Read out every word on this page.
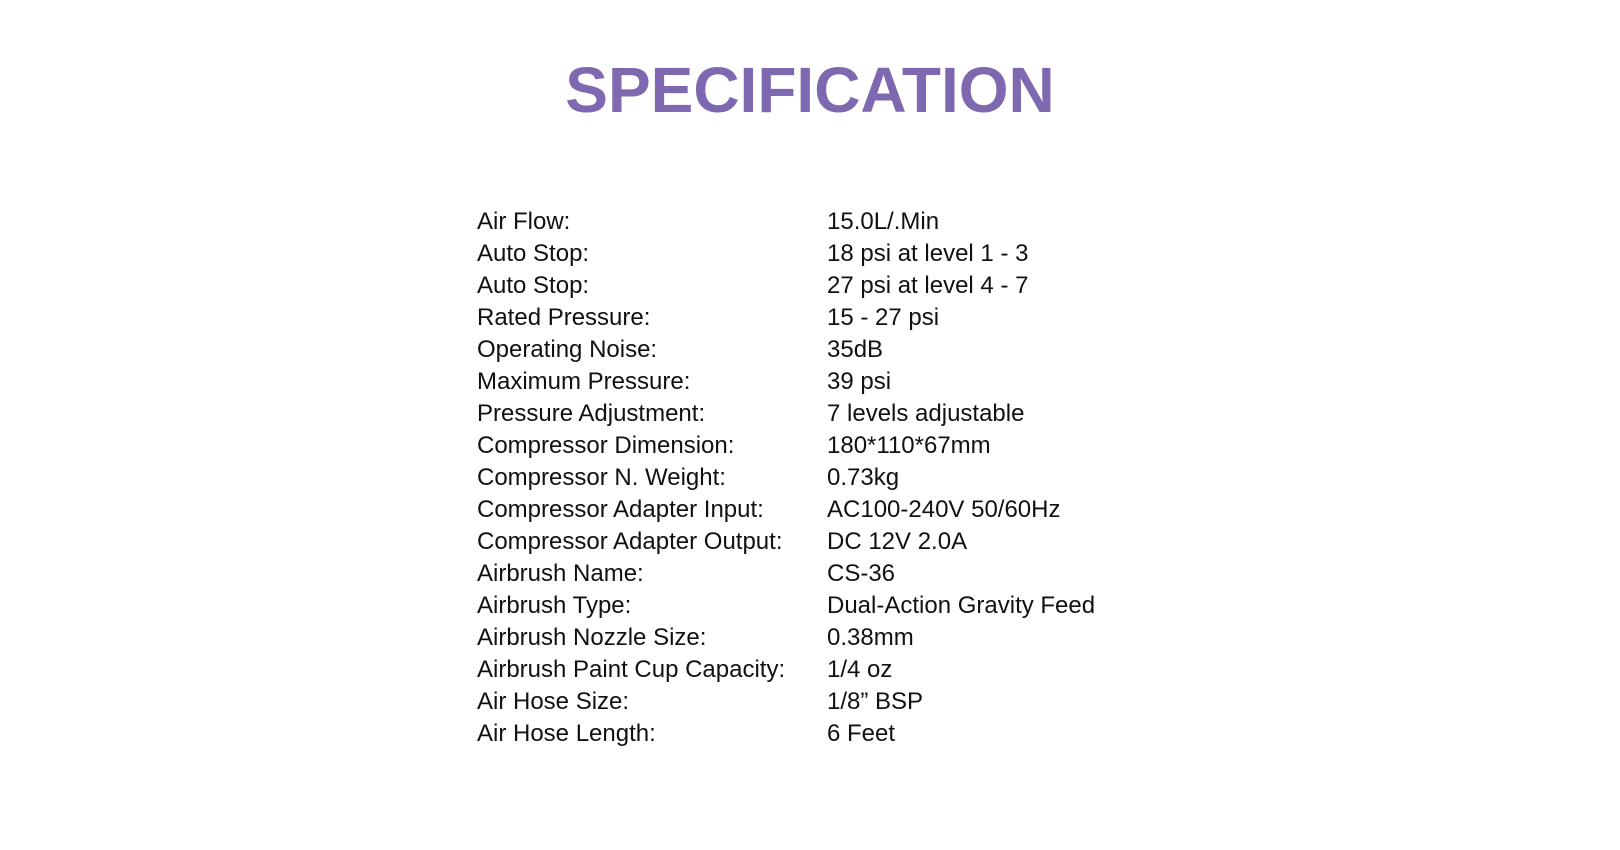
SPECIFICATION
Air Flow:	15.0L/.Min
Auto Stop:	18 psi at level 1 - 3
Auto Stop:	27 psi at level 4 - 7
Rated Pressure:	15 - 27 psi
Operating Noise:	35dB
Maximum Pressure:	39 psi
Pressure Adjustment:	7 levels adjustable
Compressor Dimension:	180*110*67mm
Compressor N. Weight:	0.73kg
Compressor Adapter Input:	AC100-240V 50/60Hz
Compressor Adapter Output:	DC 12V 2.0A
Airbrush Name:	CS-36
Airbrush Type:	Dual-Action Gravity Feed
Airbrush Nozzle Size:	0.38mm
Airbrush Paint Cup Capacity:	1/4 oz
Air Hose Size:	1/8” BSP
Air Hose Length:	6 Feet
